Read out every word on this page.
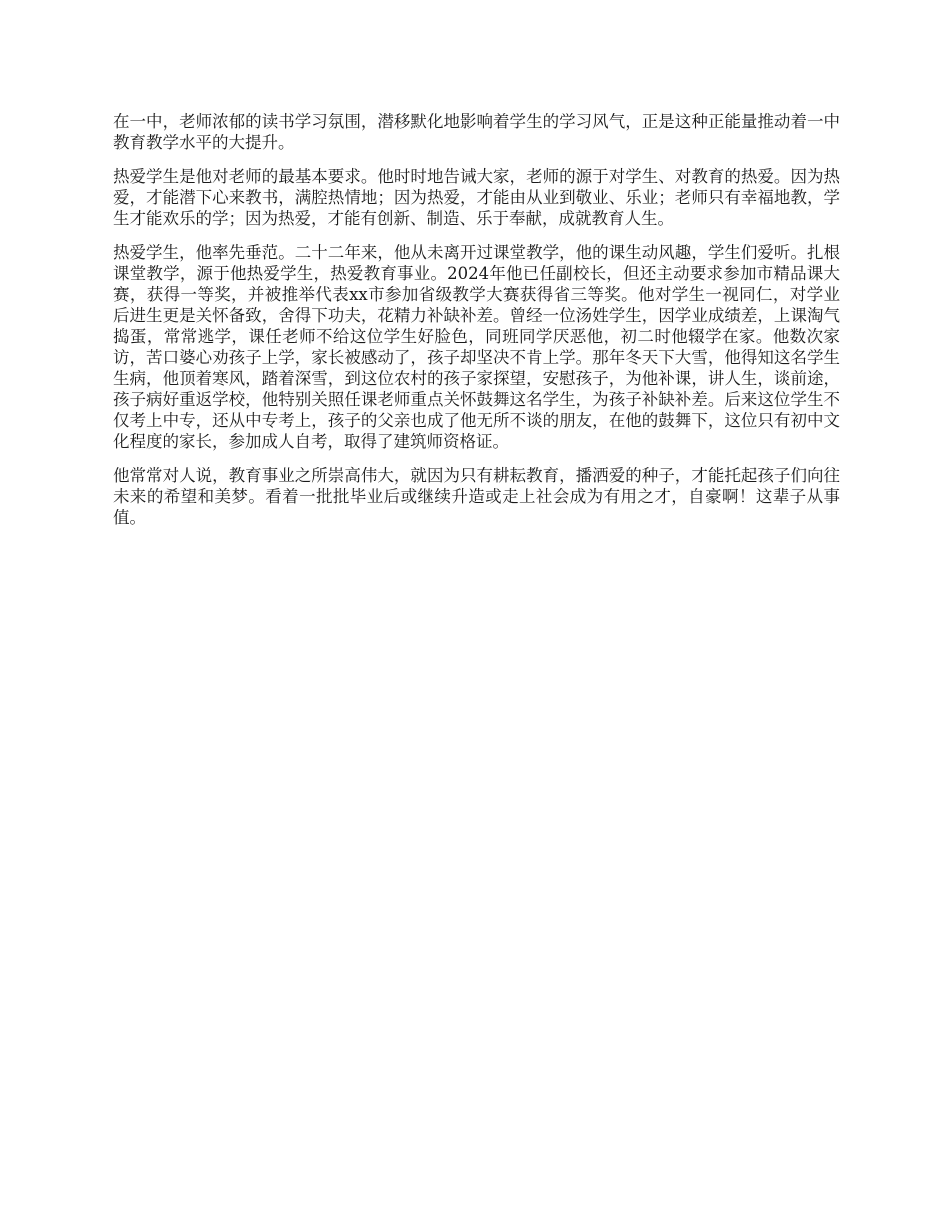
在一中，老师浓郁的读书学习氛围，潜移默化地影响着学生的学习风气，正是这种正能量推动着一中教育教学水平的大提升。

热爱学生是他对老师的最基本要求。他时时地告诫大家，老师的源于对学生、对教育的热爱。因为热爱，才能潜下心来教书，满腔热情地；因为热爱，才能由从业到敬业、乐业；老师只有幸福地教，学生才能欢乐的学；因为热爱，才能有创新、制造、乐于奉献，成就教育人生。

热爱学生，他率先垂范。二十二年来，他从未离开过课堂教学，他的课生动风趣，学生们爱听。扎根课堂教学，源于他热爱学生，热爱教育事业。2024年他已任副校长，但还主动要求参加市精品课大赛，获得一等奖，并被推举代表xx市参加省级教学大赛获得省三等奖。他对学生一视同仁，对学业后进生更是关怀备致，舍得下功夫，花精力补缺补差。曾经一位汤姓学生，因学业成绩差，上课淘气捣蛋，常常逃学，课任老师不给这位学生好脸色，同班同学厌恶他，初二时他辍学在家。他数次家访，苦口婆心劝孩子上学，家长被感动了，孩子却坚决不肯上学。那年冬天下大雪，他得知这名学生生病，他顶着寒风，踏着深雪，到这位农村的孩子家探望，安慰孩子，为他补课，讲人生，谈前途，孩子病好重返学校，他特别关照任课老师重点关怀鼓舞这名学生，为孩子补缺补差。后来这位学生不仅考上中专，还从中专考上，孩子的父亲也成了他无所不谈的朋友，在他的鼓舞下，这位只有初中文化程度的家长，参加成人自考，取得了建筑师资格证。

他常常对人说，教育事业之所崇高伟大，就因为只有耕耘教育，播洒爱的种子，才能托起孩子们向往未来的希望和美梦。看着一批批毕业后或继续升造或走上社会成为有用之才，自豪啊！这辈子从事值。
